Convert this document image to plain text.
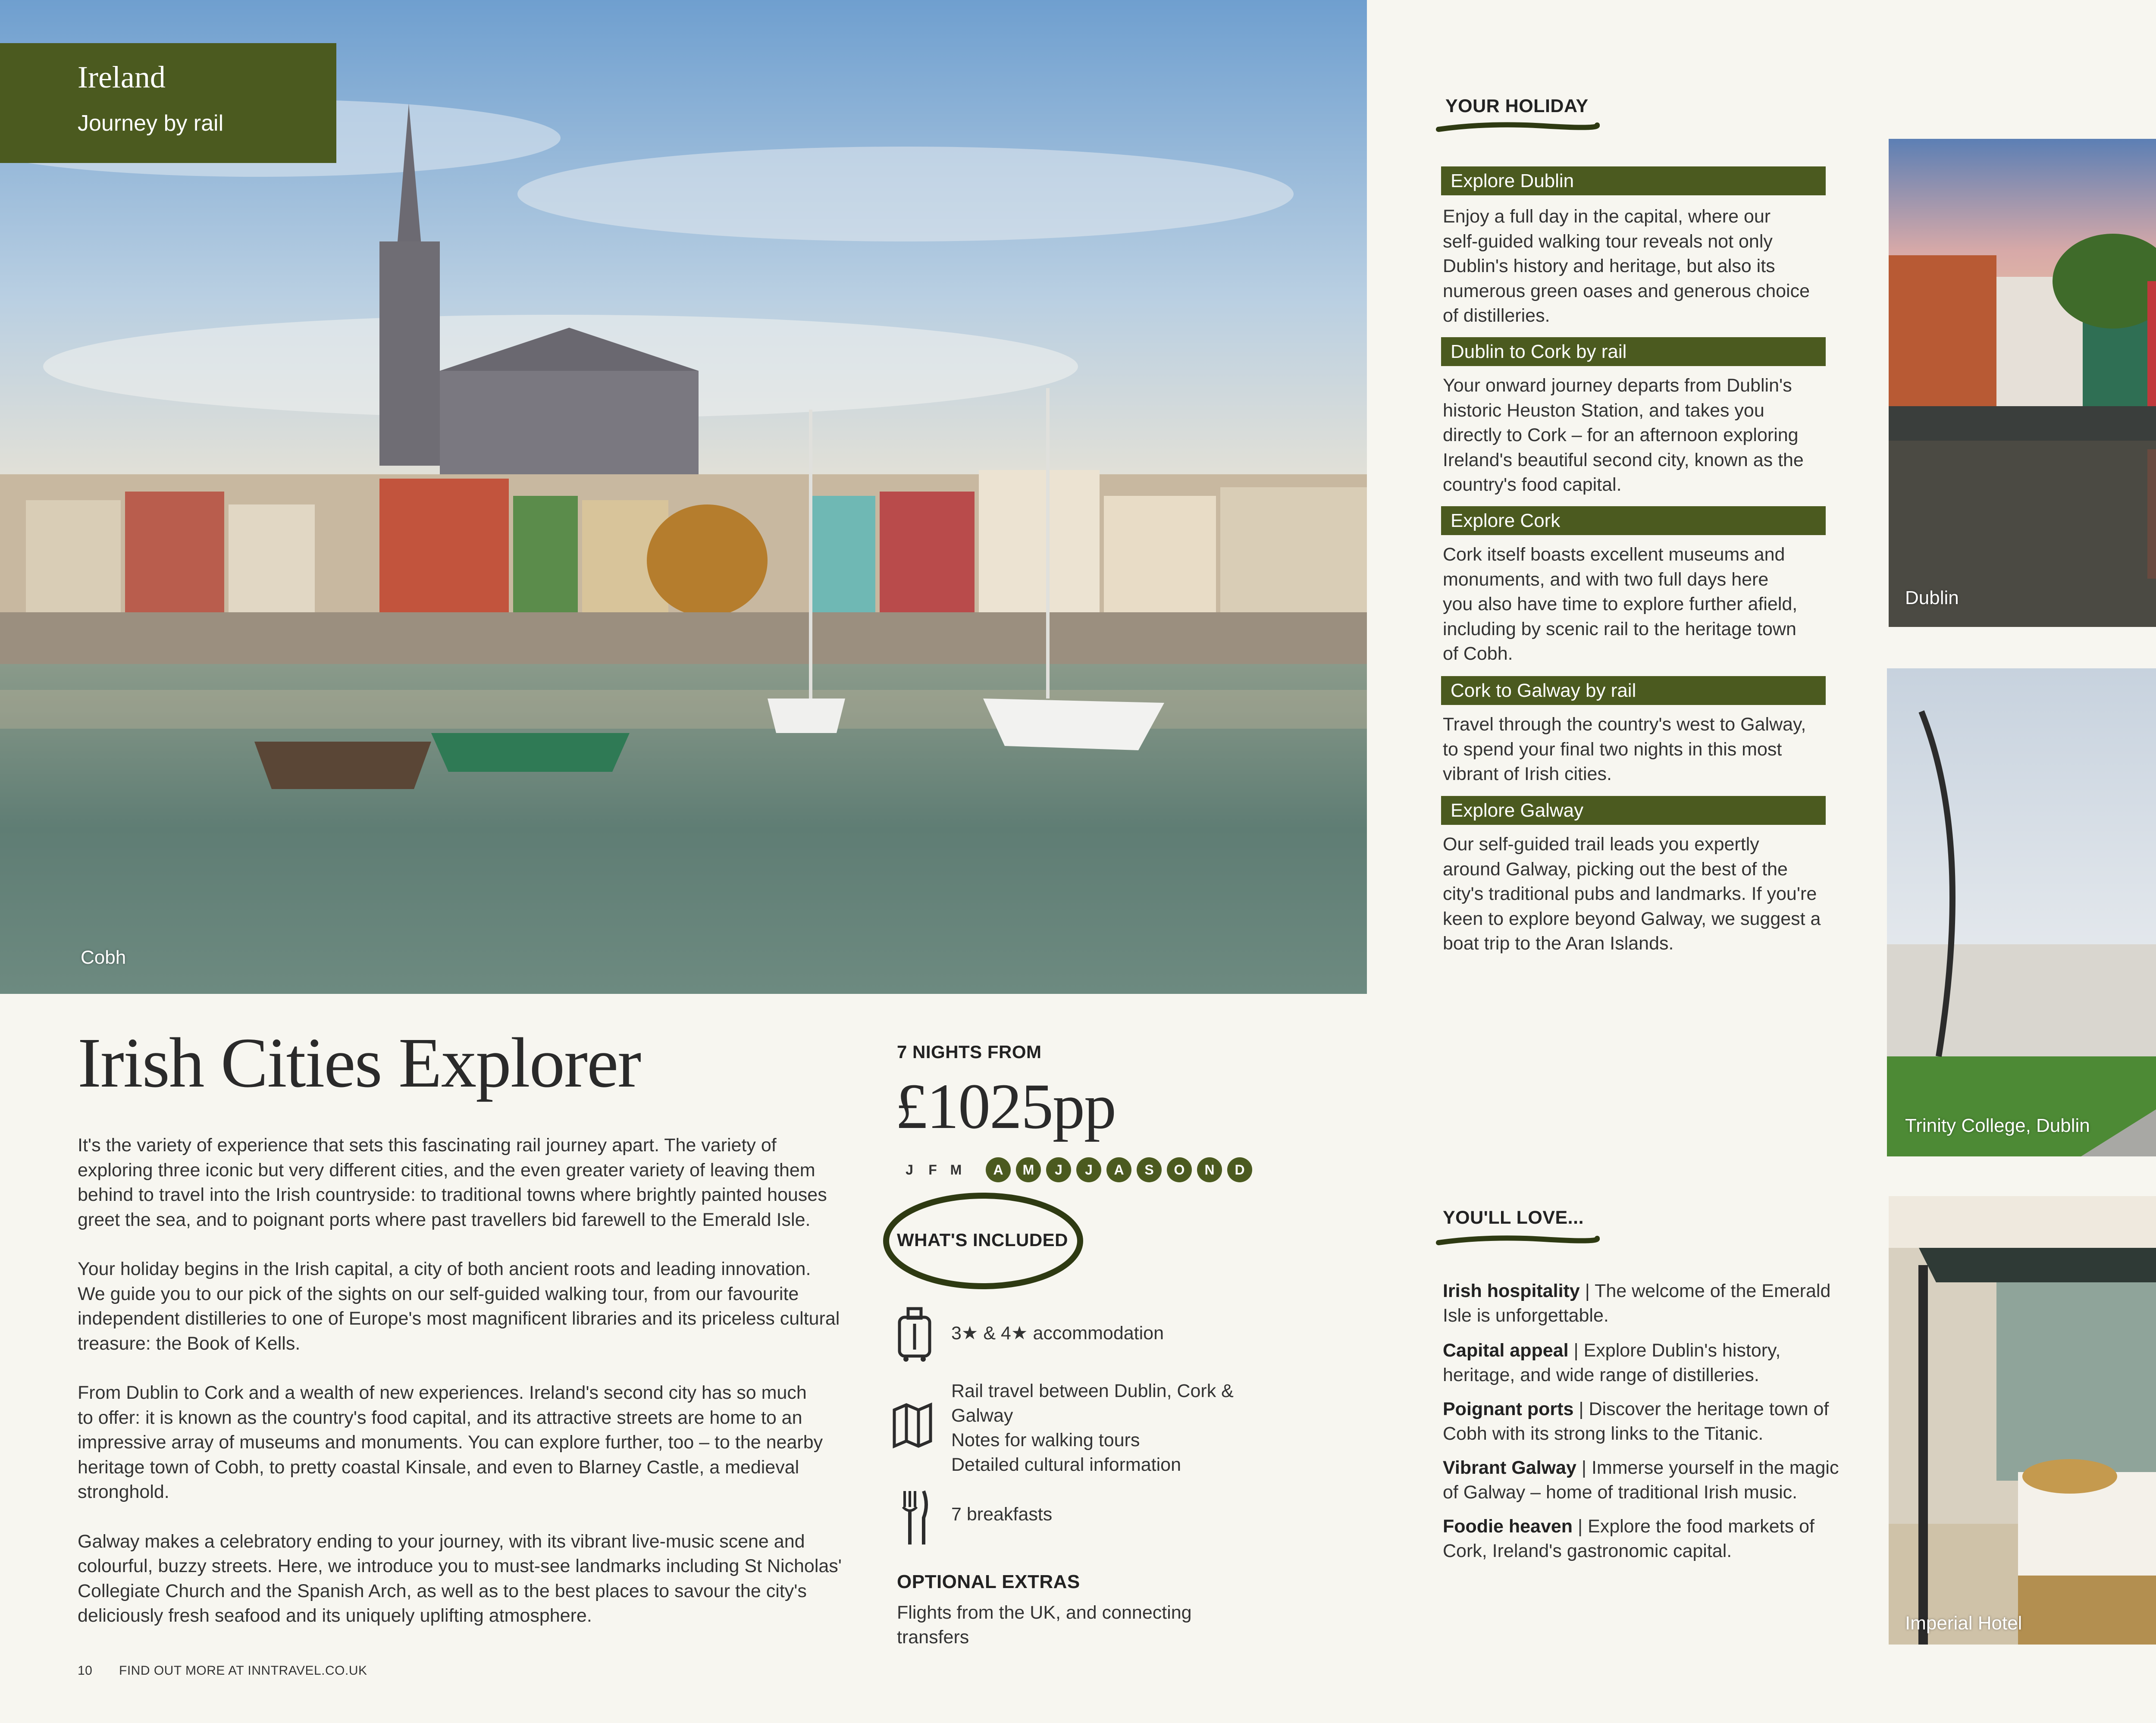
Cobh
Ireland
Journey by rail
Irish Cities Explorer
It's the variety of experience that sets this fascinating rail journey apart. The variety of
exploring three iconic but very different cities, and the even greater variety of leaving them
behind to travel into the Irish countryside: to traditional towns where brightly painted houses
greet the sea, and to poignant ports where past travellers bid farewell to the Emerald Isle.
Your holiday begins in the Irish capital, a city of both ancient roots and leading innovation.
We guide you to our pick of the sights on our self-guided walking tour, from our favourite
independent distilleries to one of Europe's most magnificent libraries and its priceless cultural
treasure: the Book of Kells.
From Dublin to Cork and a wealth of new experiences. Ireland's second city has so much
to offer: it is known as the country's food capital, and its attractive streets are home to an
impressive array of museums and monuments. You can explore further, too – to the nearby
heritage town of Cobh, to pretty coastal Kinsale, and even to Blarney Castle, a medieval
stronghold.
Galway makes a celebratory ending to your journey, with its vibrant live-music scene and
colourful, buzzy streets. Here, we introduce you to must-see landmarks including St Nicholas'
Collegiate Church and the Spanish Arch, as well as to the best places to savour the city's
deliciously fresh seafood and its uniquely uplifting atmosphere.
7 NIGHTS FROM
£1025pp
J	F M	A	M	J	J	A	S	O	N	D
WHAT'S INCLUDED
3★ & 4★ accommodation
Rail travel between Dublin, Cork &
Galway
Notes for walking tours
Detailed cultural information
7 breakfasts
OPTIONAL EXTRAS
Flights from the UK, and connecting
transfers
10 FIND OUT MORE AT INNTRAVEL.CO.UK
YOUR HOLIDAY
Explore Dublin
Enjoy a full day in the capital, where our
self-guided walking tour reveals not only
Dublin's history and heritage, but also its
numerous green oases and generous choice
of distilleries.
Dublin to Cork by rail
Your onward journey departs from Dublin's
historic Heuston Station, and takes you
directly to Cork – for an afternoon exploring
Ireland's beautiful second city, known as the
country's food capital.
Explore Cork
Cork itself boasts excellent museums and
monuments, and with two full days here
you also have time to explore further afield,
including by scenic rail to the heritage town
of Cobh.
Cork to Galway by rail
Travel through the country's west to Galway,
to spend your final two nights in this most
vibrant of Irish cities.
Explore Galway
Our self-guided trail leads you expertly
around Galway, picking out the best of the
city's traditional pubs and landmarks. If you're
keen to explore beyond Galway, we suggest a
boat trip to the Aran Islands.
Dublin
Trinity College, Dublin
YOU'LL LOVE...
Irish hospitality | The welcome of the Emerald
Isle is unforgettable.
Capital appeal | Explore Dublin's history,
heritage, and wide range of distilleries.
Poignant ports | Discover the heritage town of
Cobh with its strong links to the Titanic.
Vibrant Galway | Immerse yourself in the magic
of Galway – home of traditional Irish music.
Foodie heaven | Explore the food markets of
Cork, Ireland's gastronomic capital.
Imperial Hotel
